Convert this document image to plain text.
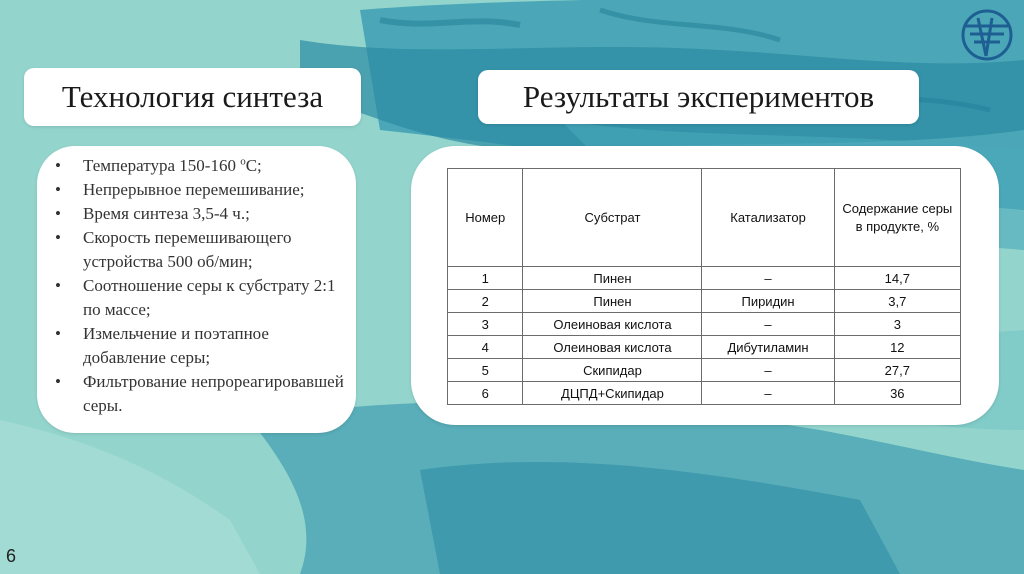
Технология синтеза	Результаты экспериментов
• Температура 150-160 $^о$С;
• Непрерывное перемешивание;
• Время синтеза 3,5-4 ч.;
• Скорость перемешивающего устройства 500 об/мин;
• Соотношение серы к субстрату 2:1 по массе;
• Измельчение и поэтапное добавление серы;
• Фильтрование непрореагировавшей серы.
Номер	Субстрат	Катализатор	Содержание серы в продукте, %
1	Пинен	–	14,7
2	Пинен	Пиридин	3,7
3	Олеиновая кислота	–	3
4	Олеиновая кислота	Дибутиламин	12
5	Скипидар	–	27,7
6	ДЦПД+Скипидар	–	36
6
